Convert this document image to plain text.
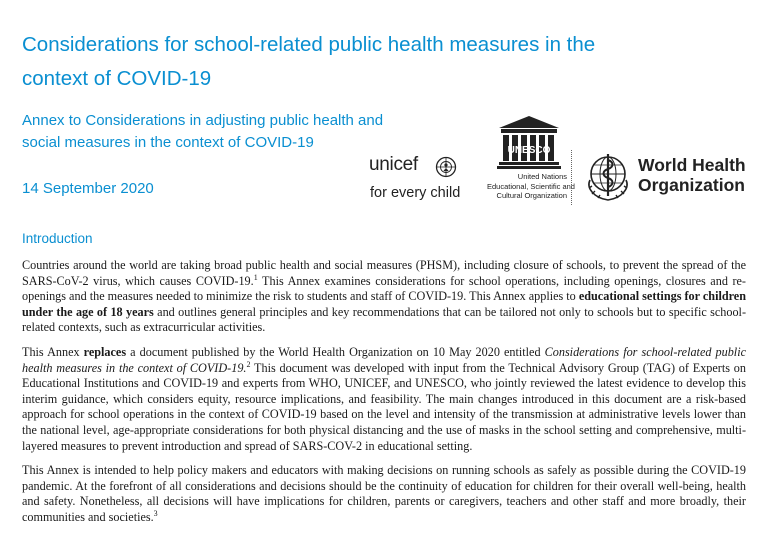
Considerations for school-related public health measures in the context of COVID-19
Annex to Considerations in adjusting public health and social measures in the context of COVID-19
14 September 2020
unicef
for every child
UNESCO
United Nations
Educational, Scientific and
Cultural Organization
World Health
Organization
Introduction

Countries around the world are taking broad public health and social measures (PHSM), including closure of schools, to prevent the spread of the SARS-CoV-2 virus, which causes COVID-19.$^1$ This Annex examines considerations for school operations, including openings, closures and re-openings and the measures needed to minimize the risk to students and staff of COVID-19. This Annex applies to educational settings for children under the age of 18 years and outlines general principles and key recommendations that can be tailored not only to schools but to specific school-related contexts, such as extracurricular activities.

This Annex replaces a document published by the World Health Organization on 10 May 2020 entitled Considerations for school-related public health measures in the context of COVID-19.$^2$ This document was developed with input from the Technical Advisory Group (TAG) of Experts on Educational Institutions and COVID-19 and experts from WHO, UNICEF, and UNESCO, who jointly reviewed the latest evidence to develop this interim guidance, which considers equity, resource implications, and feasibility. The main changes introduced in this document are a risk-based approach for school operations in the context of COVID-19 based on the level and intensity of the transmission at administrative levels lower than the national level, age-appropriate considerations for both physical distancing and the use of masks in the school setting and comprehensive, multi-layered measures to prevent introduction and spread of SARS-COV-2 in educational setting.

This Annex is intended to help policy makers and educators with making decisions on running schools as safely as possible during the COVID-19 pandemic. At the forefront of all considerations and decisions should be the continuity of education for children for their overall well-being, health and safety. Nonetheless, all decisions will have implications for children, parents or caregivers, teachers and other staff and more broadly, their communities and societies.$^3$
